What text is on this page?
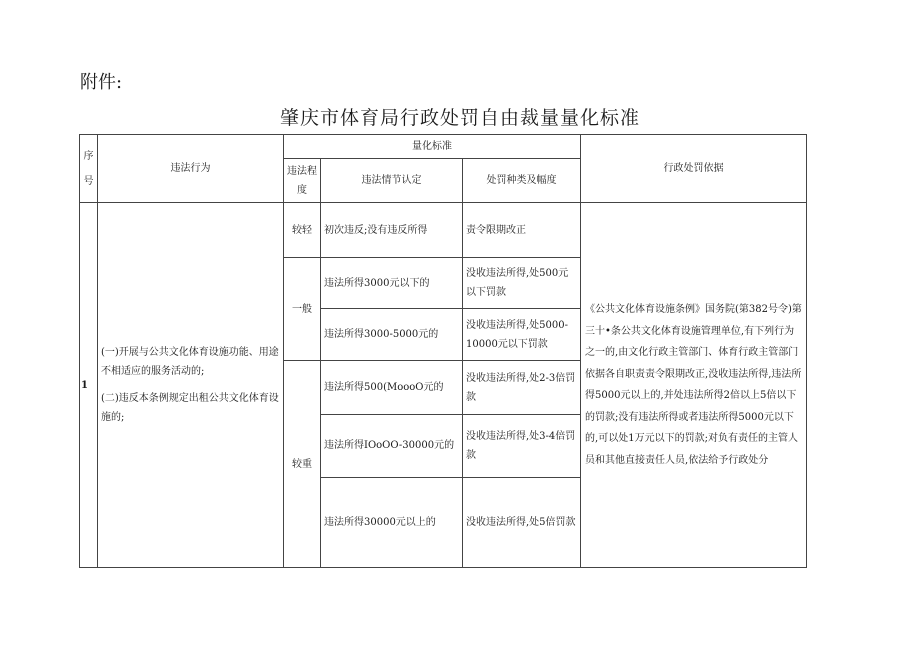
附件:
肇庆市体育局行政处罚自由裁量量化标准
序
号	违法行为	量化标准			行政处罚依据
		违法程度	违法情节认定	处罚种类及幅度	
1	(一)开展与公共文化体育设施功能、用途不相适应的服务活动的;
(二)违反本条例规定出租公共文化体育设施的;	较轻	初次违反;没有违反所得	责令限期改正	《公共文化体育设施条例》国务院(第382号令)第三十•条公共文化体育设施管理单位,有下列行为之一的,由文化行政主管部门、体育行政主管部门依据各自职责责令限期改正,没收违法所得,违法所得5000元以上的,并处违法所得2倍以上5倍以下的罚款;没有违法所得或者违法所得5000元以下的,可以处1万元以下的罚款;对负有责任的主管人员和其他直接责任人员,依法给予行政处分
		一般	违法所得3000元以下的	没收违法所得,处500元以下罚款	
			违法所得3000-5000元的	没收违法所得,处5000-10000元以下罚款	
		较重	违法所得500(MoooO元的	没收违法所得,处2-3倍罚款	
			违法所得IOoOO-30000元的	没收违法所得,处3-4倍罚款	
			违法所得30000元以上的	没收违法所得,处5倍罚款	
